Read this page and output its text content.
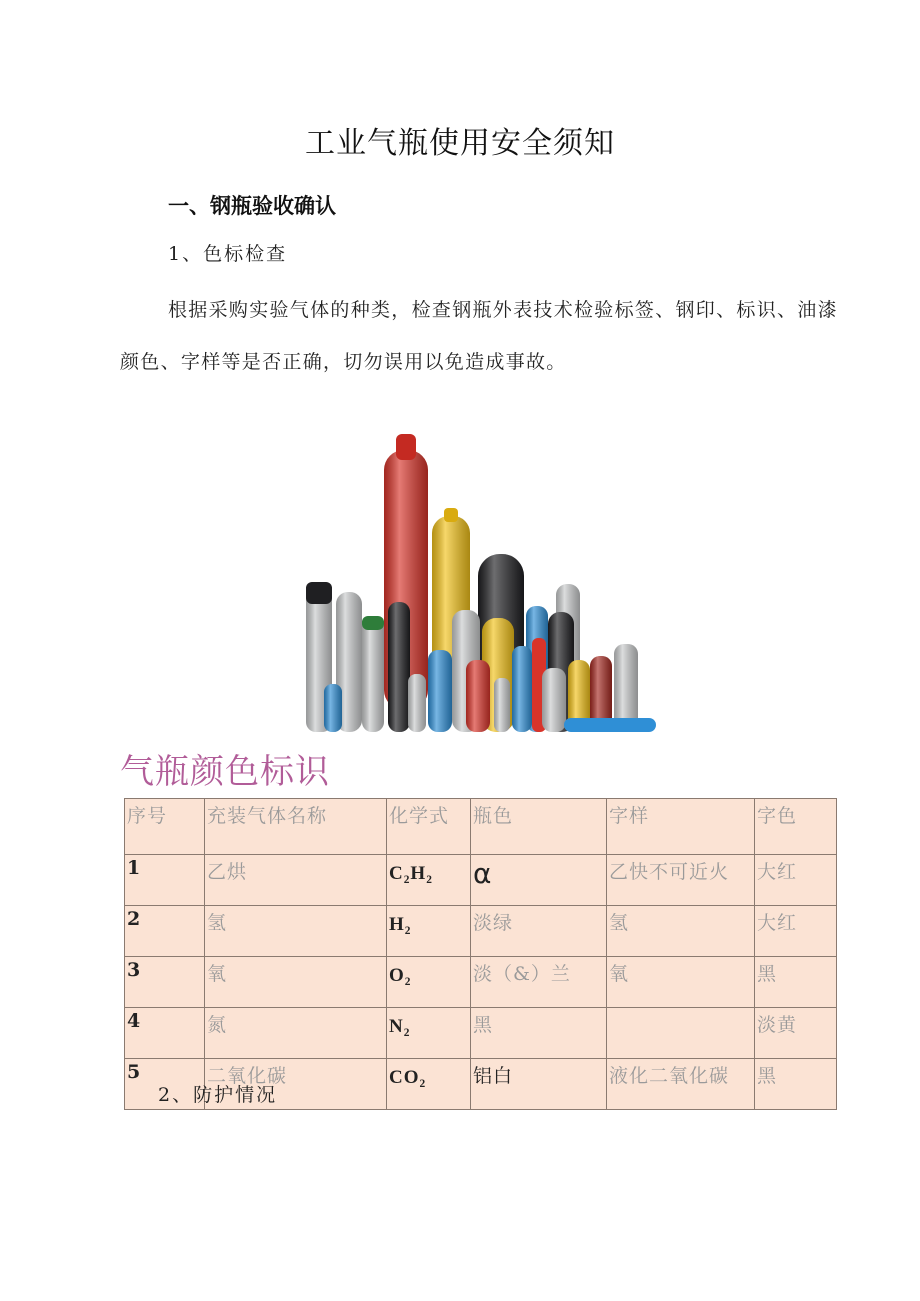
工业气瓶使用安全须知
一、钢瓶验收确认
1、色标检查

根据采购实验气体的种类，检查钢瓶外表技术检验标签、钢印、标识、油漆颜色、字样等是否正确，切勿误用以免造成事故。

气瓶颜色标识
序号	充装气体名称	化学式	瓶色	字样	字色
1	乙烘	C₂H₂	α	乙快不可近火	大红
2	氢	H₂	淡绿	氢	大红
3	氧	O₂	淡（&）兰	氧	黑
4	氮	N₂	黑		淡黄
5	二氧化碳	CO₂	铝白	液化二氧化碳	黑
2、防护情况
